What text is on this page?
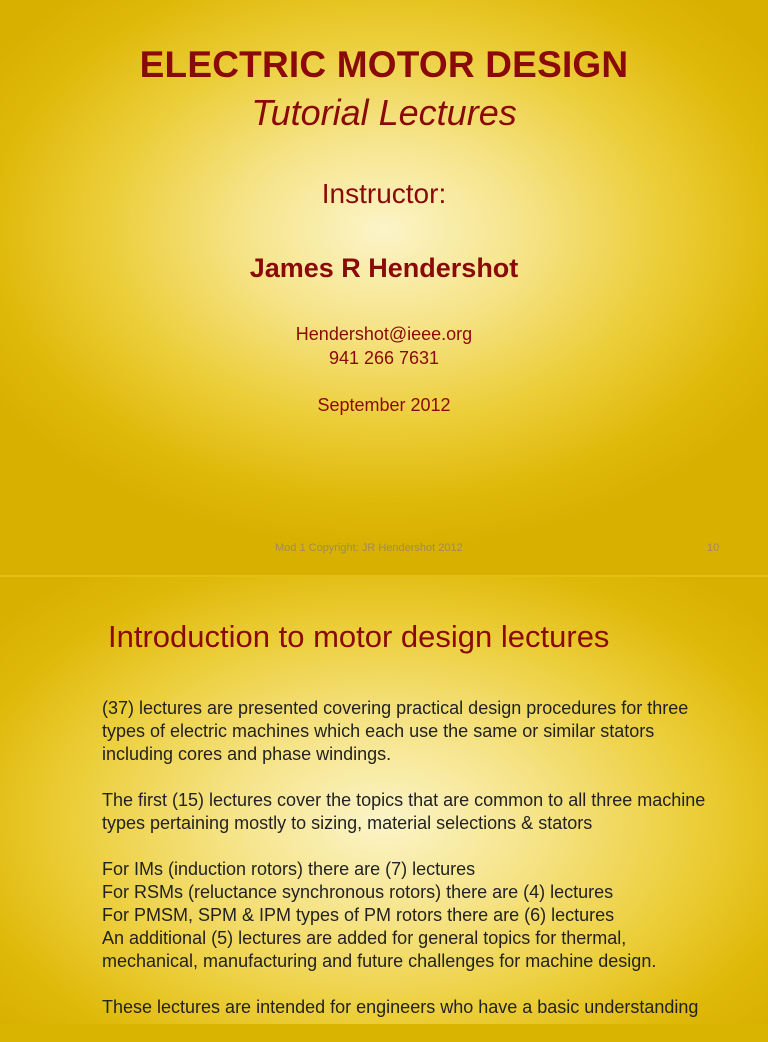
ELECTRIC MOTOR DESIGN
Tutorial Lectures
Instructor:
James R Hendershot
Hendershot@ieee.org
941 266 7631
September 2012
Mod 1 Copyright: JR Hendershot 2012	10
Introduction to motor design lectures

(37) lectures are presented covering practical design procedures for three
types of electric machines which each use the same or similar stators
including cores and phase windings.

The first (15) lectures cover the topics that are common to all three machine
types pertaining mostly to sizing, material selections & stators

For IMs (induction rotors) there are (7) lectures
For RSMs (reluctance synchronous rotors) there are (4) lectures
For PMSM, SPM & IPM types of PM rotors there are (6) lectures
An additional (5) lectures are added for general topics for thermal,
mechanical, manufacturing and future challenges for machine design.

These lectures are intended for engineers who have a basic understanding
